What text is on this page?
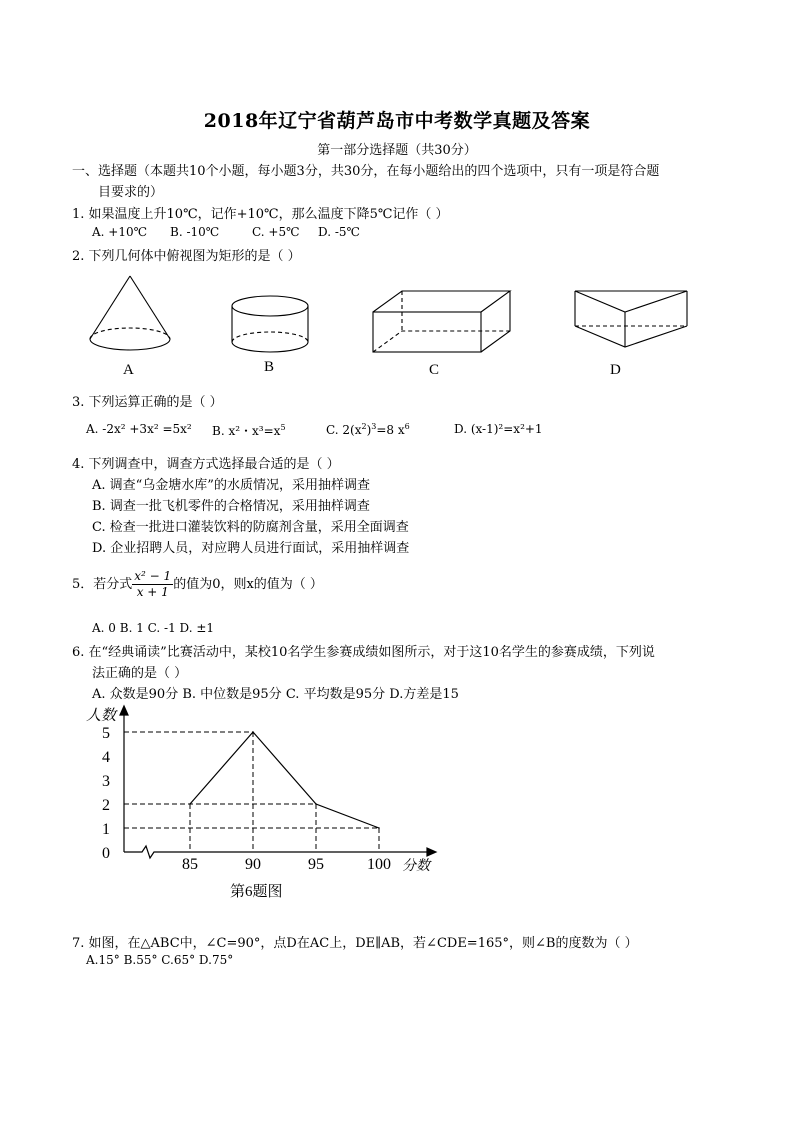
2018年辽宁省葫芦岛市中考数学真题及答案
第一部分选择题（共30分）
一、选择题（本题共10个小题，每小题3分，共30分，在每小题给出的四个选项中，只有一项是符合题
目要求的）
1. 如果温度上升10℃，记作+10℃，那么温度下降5℃记作（ ）
A. +10℃ B. -10℃	C. +5℃ D. -5℃
2. 下列几何体中俯视图为矩形的是（ ）
A	B	C	D
3. 下列运算正确的是（ ）
A. -2x² +3x² =5x² B. x²・$x^3=x^5$	C. $2(x^2)^3=8$ $x^6$	D. (x-1)²=x²+1
4. 下列调查中，调查方式选择最合适的是（ ）
A. 调查“乌金塘水库”的水质情况，采用抽样调查
B. 调查一批飞机零件的合格情况，采用抽样调查
C. 检查一批进口灌装饮料的防腐剂含量，采用全面调查
D. 企业招聘人员，对应聘人员进行面试，采用抽样调查
5．若分式 $\frac{\text{x² − 1}}{x + 1}$ 的值为0，则x的值为（ ）
A. 0 B. 1 C. -1 D. ±1
6. 在“经典诵读”比赛活动中，某校10名学生参赛成绩如图所示，对于这10名学生的参赛成绩，下列说
法正确的是（ ）
A. 众数是90分 B. 中位数是95分 C. 平均数是95分 D.方差是15
0
1
2
3
4
5
85	90	95	100
人数
分数
第6题图
7. 如图，在△ABC中，∠C=90°，点D在AC上，DE∥AB，若∠CDE=165°，则∠B的度数为（ ）
A.15° B.55° C.65° D.75°
